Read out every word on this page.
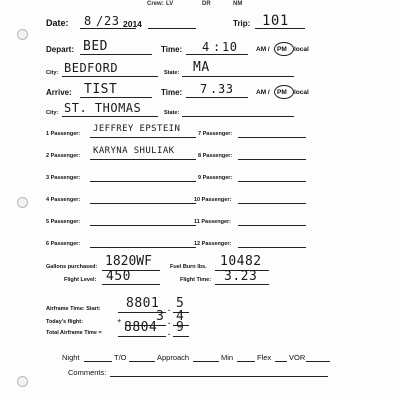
Crew: LV	DR	NM
Date: 8 / 23 2014	Trip: 101
Depart: BED	Time: 4 : 10	AM / PM local
City: BEDFORD	State: MA
Arrive: TIST	Time: 7 . 33	AM / PM local
City: ST. THOMAS	State:
1 Passenger: JEFFREY EPSTEIN
2 Passenger: KARYNA SHULIAK
3 Passenger:
4 Passenger:
5 Passenger:
6 Passenger:
7 Passenger:
8 Passenger:
9 Passenger:
10 Passenger:
11 Passenger:
12 Passenger:
Gallons purchased: 1820WF	Fuel Burn lbs. 10482
Flight Level: 450	Flight Time: 3.23
Airframe Time: Start: 8801 . 5
Today's flight:	+	3 . 4
Total Airframe Time = 8804 . 9
Night	T/O	Approach	Min	Flex VOR
Comments:
